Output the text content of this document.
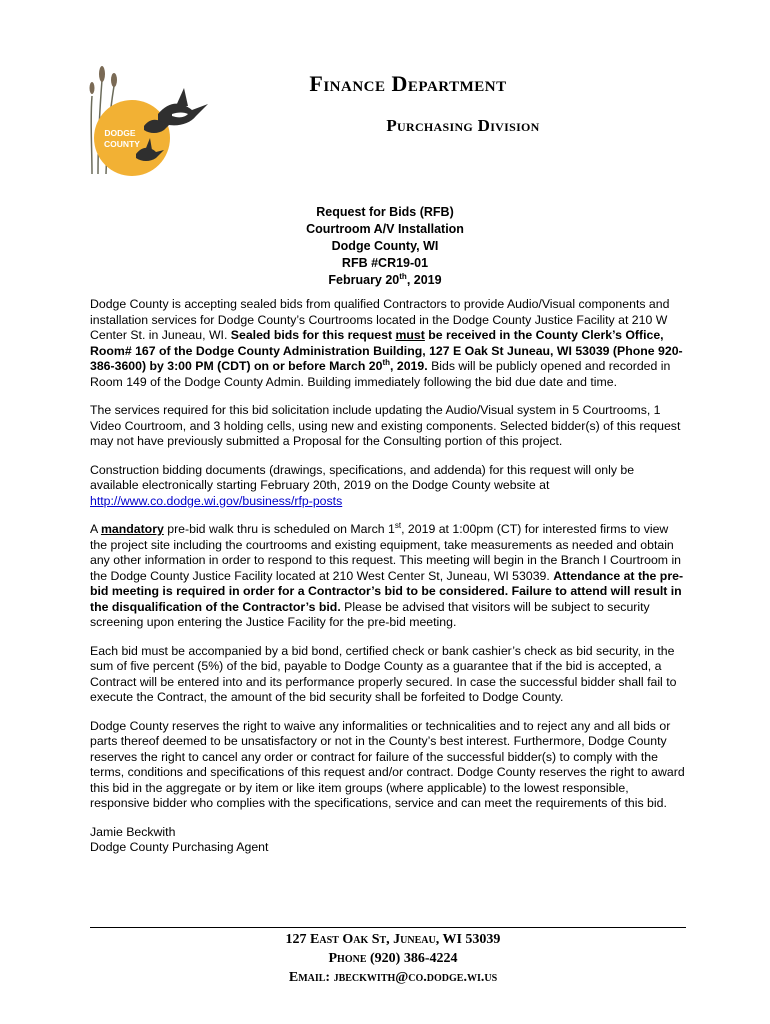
DODGE
COUNTY
Finance Department
Purchasing Division
Request for Bids (RFB)
Courtroom A/V Installation
Dodge County, WI
RFB #CR19-01
February 20th, 2019

Dodge County is accepting sealed bids from qualified Contractors to provide Audio/Visual components and installation services for Dodge County’s Courtrooms located in the Dodge County Justice Facility at 210 W Center St. in Juneau, WI. Sealed bids for this request must be received in the County Clerk’s Office, Room# 167 of the Dodge County Administration Building, 127 E Oak St Juneau, WI 53039 (Phone 920-386-3600) by 3:00 PM (CDT) on or before March 20th, 2019. Bids will be publicly opened and recorded in Room 149 of the Dodge County Admin. Building immediately following the bid due date and time.

The services required for this bid solicitation include updating the Audio/Visual system in 5 Courtrooms, 1 Video Courtroom, and 3 holding cells, using new and existing components. Selected bidder(s) of this request may not have previously submitted a Proposal for the Consulting portion of this project.

Construction bidding documents (drawings, specifications, and addenda) for this request will only be available electronically starting February 20th, 2019 on the Dodge County website at http://www.co.dodge.wi.gov/business/rfp-posts

A mandatory pre-bid walk thru is scheduled on March 1st, 2019 at 1:00pm (CT) for interested firms to view the project site including the courtrooms and existing equipment, take measurements as needed and obtain any other information in order to respond to this request. This meeting will begin in the Branch I Courtroom in the Dodge County Justice Facility located at 210 West Center St, Juneau, WI 53039. Attendance at the pre-bid meeting is required in order for a Contractor’s bid to be considered. Failure to attend will result in the disqualification of the Contractor’s bid. Please be advised that visitors will be subject to security screening upon entering the Justice Facility for the pre-bid meeting.

Each bid must be accompanied by a bid bond, certified check or bank cashier’s check as bid security, in the sum of five percent (5%) of the bid, payable to Dodge County as a guarantee that if the bid is accepted, a Contract will be entered into and its performance properly secured. In case the successful bidder shall fail to execute the Contract, the amount of the bid security shall be forfeited to Dodge County.

Dodge County reserves the right to waive any informalities or technicalities and to reject any and all bids or parts thereof deemed to be unsatisfactory or not in the County’s best interest. Furthermore, Dodge County reserves the right to cancel any order or contract for failure of the successful bidder(s) to comply with the terms, conditions and specifications of this request and/or contract. Dodge County reserves the right to award this bid in the aggregate or by item or like item groups (where applicable) to the lowest responsible, responsive bidder who complies with the specifications, service and can meet the requirements of this bid.

Jamie Beckwith
Dodge County Purchasing Agent
127 East Oak St, Juneau, WI 53039
Phone (920) 386-4224
Email: jbeckwith@co.dodge.wi.us
